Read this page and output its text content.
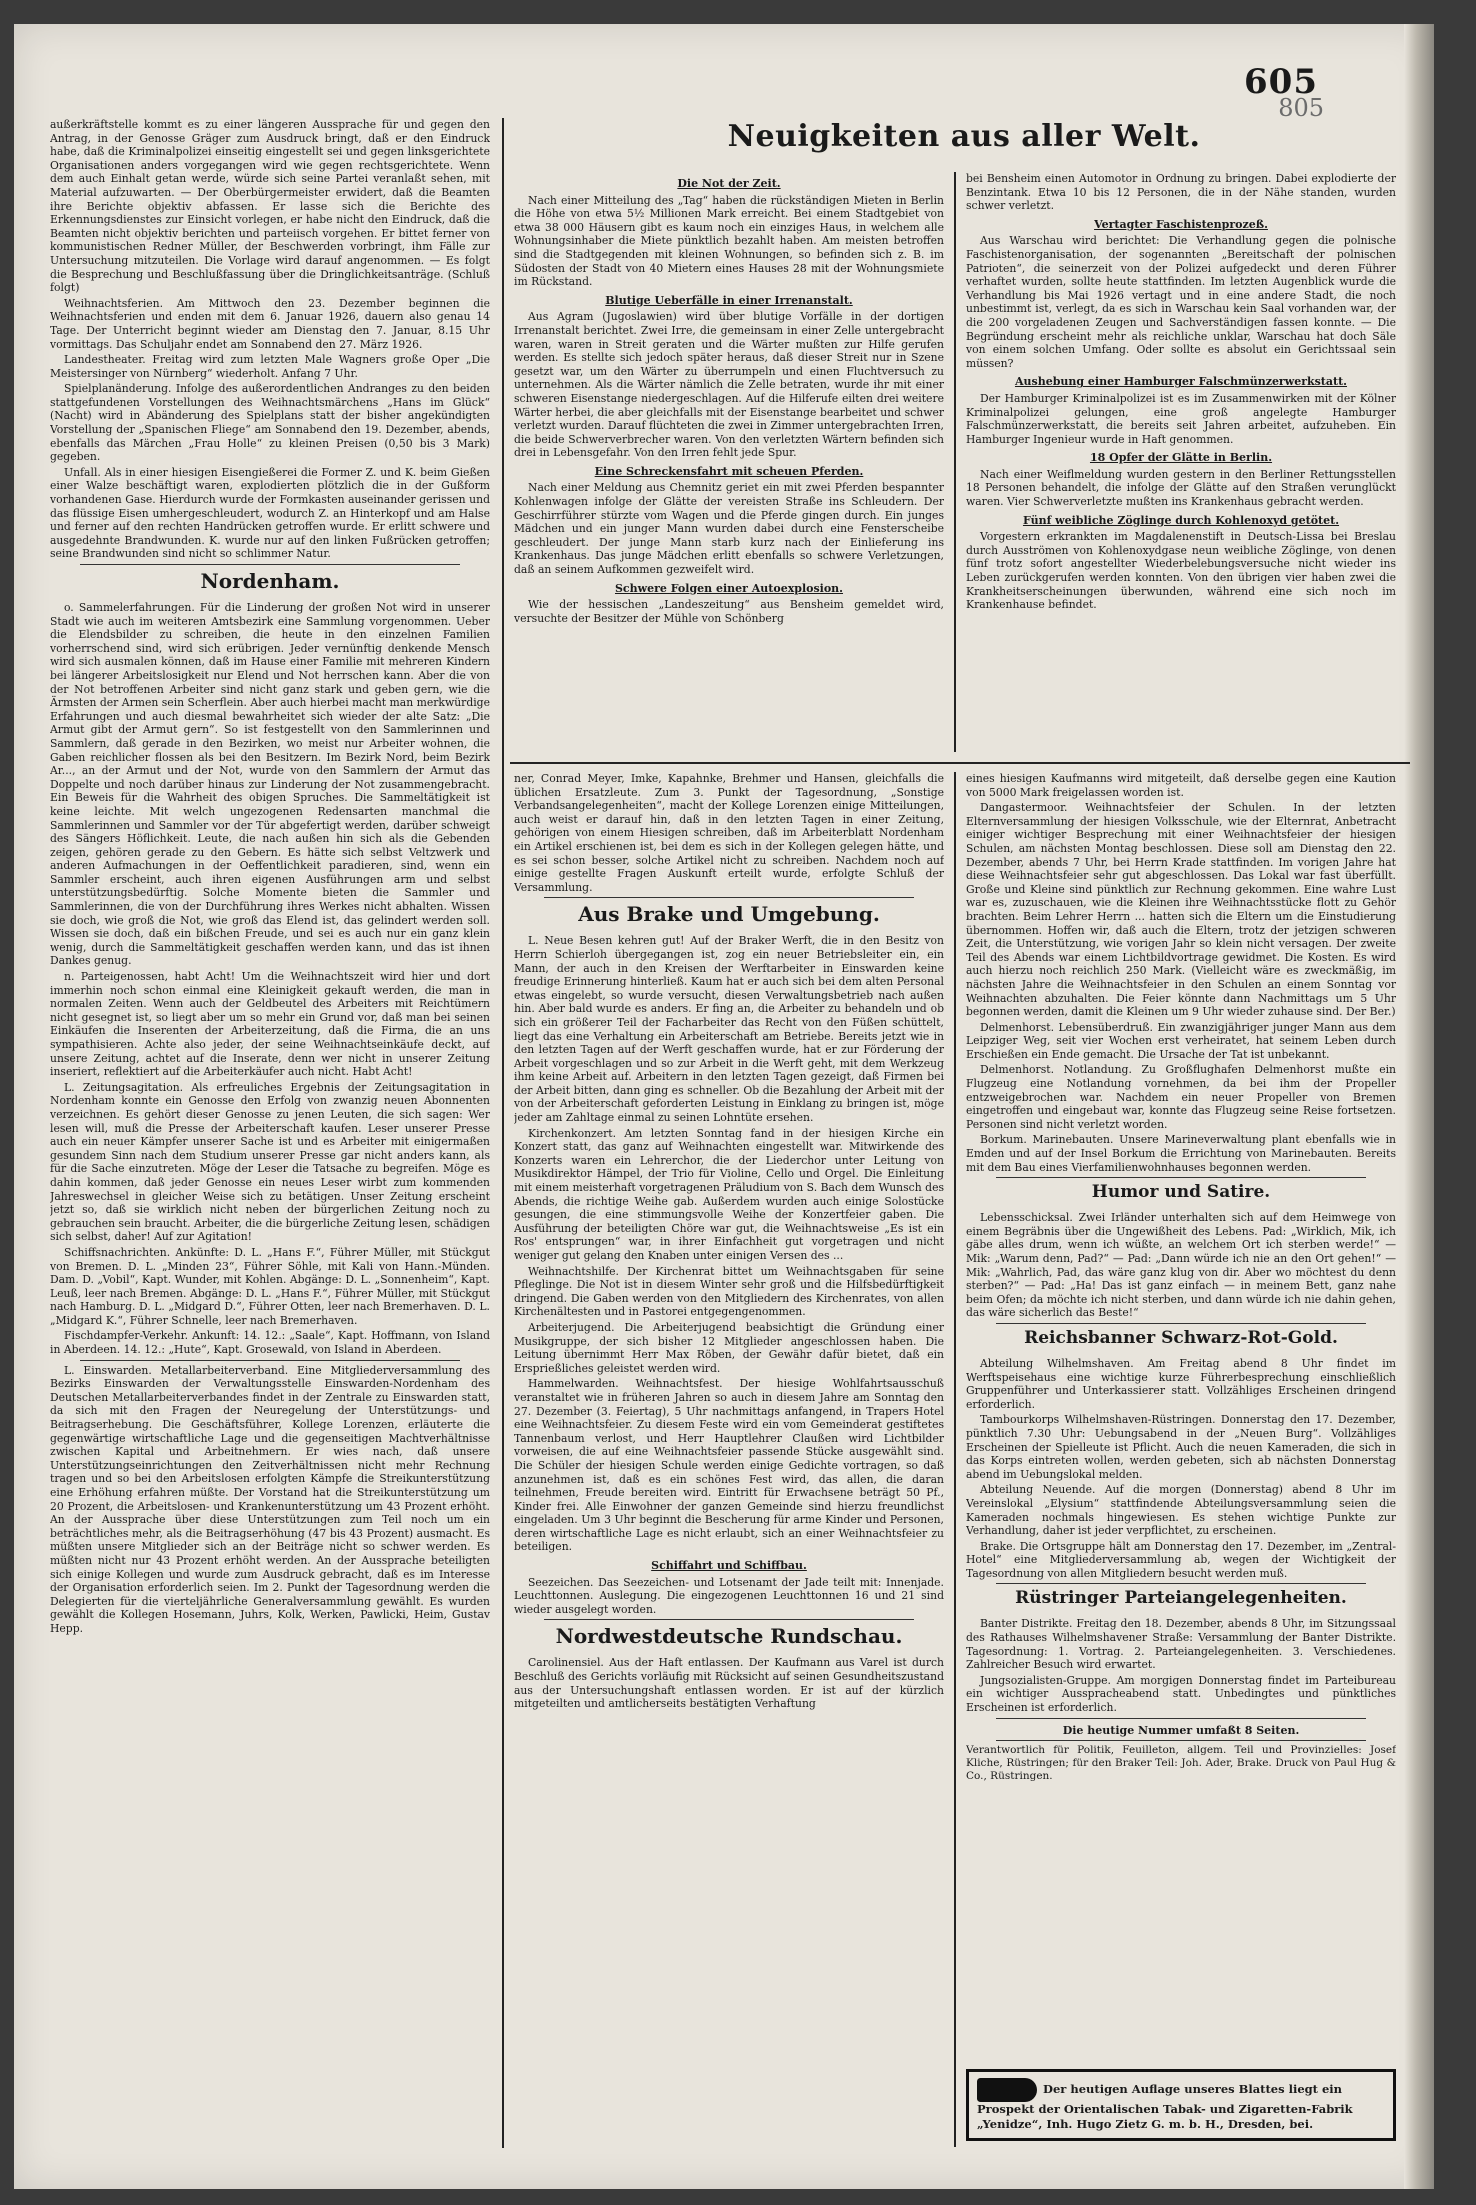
605
805

außerkräftstelle kommt es zu einer längeren Aussprache für und gegen den Antrag, in der Genosse Gräger zum Ausdruck bringt, daß er den Eindruck habe, daß die Kriminalpolizei einseitig eingestellt sei und gegen linksgerichtete Organisationen anders vorgegangen wird wie gegen rechtsgerichtete. Wenn dem auch Einhalt getan werde, würde sich seine Partei veranlaßt sehen, mit Material aufzuwarten. — Der Oberbürgermeister erwidert, daß die Beamten ihre Berichte objektiv abfassen. Er lasse sich die Berichte des Erkennungsdienstes zur Einsicht vorlegen, er habe nicht den Eindruck, daß die Beamten nicht objektiv berichten und parteiisch vorgehen. Er bittet ferner von kommunistischen Redner Müller, der Beschwerden vorbringt, ihm Fälle zur Untersuchung mitzuteilen. Die Vorlage wird darauf angenommen. — Es folgt die Besprechung und Beschlußfassung über die Dringlichkeitsanträge. (Schluß folgt)

Weihnachtsferien. Am Mittwoch den 23. Dezember beginnen die Weihnachtsferien und enden mit dem 6. Januar 1926, dauern also genau 14 Tage. Der Unterricht beginnt wieder am Dienstag den 7. Januar, 8.15 Uhr vormittags. Das Schuljahr endet am Sonnabend den 27. März 1926.

Landestheater. Freitag wird zum letzten Male Wagners große Oper „Die Meistersinger von Nürnberg“ wiederholt. Anfang 7 Uhr.

Spielplanänderung. Infolge des außerordentlichen Andranges zu den beiden stattgefundenen Vorstellungen des Weihnachtsmärchens „Hans im Glück“ (Nacht) wird in Abänderung des Spielplans statt der bisher angekündigten Vorstellung der „Spanischen Fliege“ am Sonnabend den 19. Dezember, abends, ebenfalls das Märchen „Frau Holle“ zu kleinen Preisen (0,50 bis 3 Mark) gegeben.

Unfall. Als in einer hiesigen Eisengießerei die Former Z. und K. beim Gießen einer Walze beschäftigt waren, explodierten plötzlich die in der Gußform vorhandenen Gase. Hierdurch wurde der Formkasten auseinander gerissen und das flüssige Eisen umhergeschleudert, wodurch Z. an Hinterkopf und am Halse und ferner auf den rechten Handrücken getroffen wurde. Er erlitt schwere und ausgedehnte Brandwunden. K. wurde nur auf den linken Fußrücken getroffen; seine Brandwunden sind nicht so schlimmer Natur.

Nordenham.

o. Sammelerfahrungen. Für die Linderung der großen Not wird in unserer Stadt wie auch im weiteren Amtsbezirk eine Sammlung vorgenommen. Ueber die Elendsbilder zu schreiben, die heute in den einzelnen Familien vorherrschend sind, wird sich erübrigen. Jeder vernünftig denkende Mensch wird sich ausmalen können, daß im Hause einer Familie mit mehreren Kindern bei längerer Arbeitslosigkeit nur Elend und Not herrschen kann. Aber die von der Not betroffenen Arbeiter sind nicht ganz stark und geben gern, wie die Ärmsten der Armen sein Scherflein. Aber auch hierbei macht man merkwürdige Erfahrungen und auch diesmal bewahrheitet sich wieder der alte Satz: „Die Armut gibt der Armut gern“. So ist festgestellt von den Sammlerinnen und Sammlern, daß gerade in den Bezirken, wo meist nur Arbeiter wohnen, die Gaben reichlicher flossen als bei den Besitzern. Im Bezirk Nord, beim Bezirk Ar..., an der Armut und der Not, wurde von den Sammlern der Armut das Doppelte und noch darüber hinaus zur Linderung der Not zusammengebracht. Ein Beweis für die Wahrheit des obigen Spruches. Die Sammeltätigkeit ist keine leichte. Mit welch ungezogenen Redensarten manchmal die Sammlerinnen und Sammler vor der Tür abgefertigt werden, darüber schweigt des Sängers Höflichkeit. Leute, die nach außen hin sich als die Gebenden zeigen, gehören gerade zu den Gebern. Es hätte sich selbst Veltzwerk und anderen Aufmachungen in der Oeffentlichkeit paradieren, sind, wenn ein Sammler erscheint, auch ihren eigenen Ausführungen arm und selbst unterstützungsbedürftig. Solche Momente bieten die Sammler und Sammlerinnen, die von der Durchführung ihres Werkes nicht abhalten. Wissen sie doch, wie groß die Not, wie groß das Elend ist, das gelindert werden soll. Wissen sie doch, daß ein bißchen Freude, und sei es auch nur ein ganz klein wenig, durch die Sammeltätigkeit geschaffen werden kann, und das ist ihnen Dankes genug.

n. Parteigenossen, habt Acht! Um die Weihnachtszeit wird hier und dort immerhin noch schon einmal eine Kleinigkeit gekauft werden, die man in normalen Zeiten. Wenn auch der Geldbeutel des Arbeiters mit Reichtümern nicht gesegnet ist, so liegt aber um so mehr ein Grund vor, daß man bei seinen Einkäufen die Inserenten der Arbeiterzeitung, daß die Firma, die an uns sympathisieren. Achte also jeder, der seine Weihnachtseinkäufe deckt, auf unsere Zeitung, achtet auf die Inserate, denn wer nicht in unserer Zeitung inseriert, reflektiert auf die Arbeiterkäufer auch nicht. Habt Acht!

L. Zeitungsagitation. Als erfreuliches Ergebnis der Zeitungsagitation in Nordenham konnte ein Genosse den Erfolg von zwanzig neuen Abonnenten verzeichnen. Es gehört dieser Genosse zu jenen Leuten, die sich sagen: Wer lesen will, muß die Presse der Arbeiterschaft kaufen. Leser unserer Presse auch ein neuer Kämpfer unserer Sache ist und es Arbeiter mit einigermaßen gesundem Sinn nach dem Studium unserer Presse gar nicht anders kann, als für die Sache einzutreten. Möge der Leser die Tatsache zu begreifen. Möge es dahin kommen, daß jeder Genosse ein neues Leser wirbt zum kommenden Jahreswechsel in gleicher Weise sich zu betätigen. Unser Zeitung erscheint jetzt so, daß sie wirklich nicht neben der bürgerlichen Zeitung noch zu gebrauchen sein braucht. Arbeiter, die die bürgerliche Zeitung lesen, schädigen sich selbst, daher! Auf zur Agitation!

Schiffsnachrichten. Ankünfte: D. L. „Hans F.“, Führer Müller, mit Stückgut von Bremen. D. L. „Minden 23“, Führer Söhle, mit Kali von Hann.-Münden. Dam. D. „Vobil“, Kapt. Wunder, mit Kohlen. Abgänge: D. L. „Sonnenheim“, Kapt. Leuß, leer nach Bremen. Abgänge: D. L. „Hans F.“, Führer Müller, mit Stückgut nach Hamburg. D. L. „Midgard D.“, Führer Otten, leer nach Bremerhaven. D. L. „Midgard K.“, Führer Schnelle, leer nach Bremerhaven.

Fischdampfer-Verkehr. Ankunft: 14. 12.: „Saale“, Kapt. Hoffmann, von Island in Aberdeen. 14. 12.: „Hute“, Kapt. Grosewald, von Island in Aberdeen.

L. Einswarden. Metallarbeiterverband. Eine Mitgliederversammlung des Bezirks Einswarden der Verwaltungsstelle Einswarden-Nordenham des Deutschen Metallarbeiterverbandes findet in der Zentrale zu Einswarden statt, da sich mit den Fragen der Neuregelung der Unterstützungs- und Beitragserhebung. Die Geschäftsführer, Kollege Lorenzen, erläuterte die gegenwärtige wirtschaftliche Lage und die gegenseitigen Machtverhältnisse zwischen Kapital und Arbeitnehmern. Er wies nach, daß unsere Unterstützungseinrichtungen den Zeitverhältnissen nicht mehr Rechnung tragen und so bei den Arbeitslosen erfolgten Kämpfe die Streikunterstützung eine Erhöhung erfahren müßte. Der Vorstand hat die Streikunterstützung um 20 Prozent, die Arbeitslosen- und Krankenunterstützung um 43 Prozent erhöht. An der Aussprache über diese Unterstützungen zum Teil noch um ein beträchtliches mehr, als die Beitragserhöhung (47 bis 43 Prozent) ausmacht. Es müßten unsere Mitglieder sich an der Beiträge nicht so schwer werden. Es müßten nicht nur 43 Prozent erhöht werden. An der Aussprache beteiligten sich einige Kollegen und wurde zum Ausdruck gebracht, daß es im Interesse der Organisation erforderlich seien. Im 2. Punkt der Tagesordnung werden die Delegierten für die vierteljährliche Generalversammlung gewählt. Es wurden gewählt die Kollegen Hosemann, Juhrs, Kolk, Werken, Pawlicki, Heim, Gustav Hepp.

Neuigkeiten aus aller Welt.
Die Not der Zeit.

Nach einer Mitteilung des „Tag“ haben die rückständigen Mieten in Berlin die Höhe von etwa 5½ Millionen Mark erreicht. Bei einem Stadtgebiet von etwa 38 000 Häusern gibt es kaum noch ein einziges Haus, in welchem alle Wohnungsinhaber die Miete pünktlich bezahlt haben. Am meisten betroffen sind die Stadtgegenden mit kleinen Wohnungen, so befinden sich z. B. im Südosten der Stadt von 40 Mietern eines Hauses 28 mit der Wohnungsmiete im Rückstand.

Blutige Ueberfälle in einer Irrenanstalt.

Aus Agram (Jugoslawien) wird über blutige Vorfälle in der dortigen Irrenanstalt berichtet. Zwei Irre, die gemeinsam in einer Zelle untergebracht waren, waren in Streit geraten und die Wärter mußten zur Hilfe gerufen werden. Es stellte sich jedoch später heraus, daß dieser Streit nur in Szene gesetzt war, um den Wärter zu überrumpeln und einen Fluchtversuch zu unternehmen. Als die Wärter nämlich die Zelle betraten, wurde ihr mit einer schweren Eisenstange niedergeschlagen. Auf die Hilferufe eilten drei weitere Wärter herbei, die aber gleichfalls mit der Eisenstange bearbeitet und schwer verletzt wurden. Darauf flüchteten die zwei in Zimmer untergebrachten Irren, die beide Schwerverbrecher waren. Von den verletzten Wärtern befinden sich drei in Lebensgefahr. Von den Irren fehlt jede Spur.

Eine Schreckensfahrt mit scheuen Pferden.

Nach einer Meldung aus Chemnitz geriet ein mit zwei Pferden bespannter Kohlenwagen infolge der Glätte der vereisten Straße ins Schleudern. Der Geschirrführer stürzte vom Wagen und die Pferde gingen durch. Ein junges Mädchen und ein junger Mann wurden dabei durch eine Fensterscheibe geschleudert. Der junge Mann starb kurz nach der Einlieferung ins Krankenhaus. Das junge Mädchen erlitt ebenfalls so schwere Verletzungen, daß an seinem Aufkommen gezweifelt wird.

Schwere Folgen einer Autoexplosion.

Wie der hessischen „Landeszeitung“ aus Bensheim gemeldet wird, versuchte der Besitzer der Mühle von Schönberg

bei Bensheim einen Automotor in Ordnung zu bringen. Dabei explodierte der Benzintank. Etwa 10 bis 12 Personen, die in der Nähe standen, wurden schwer verletzt.

Vertagter Faschistenprozeß.

Aus Warschau wird berichtet: Die Verhandlung gegen die polnische Faschistenorganisation, der sogenannten „Bereitschaft der polnischen Patrioten“, die seinerzeit von der Polizei aufgedeckt und deren Führer verhaftet wurden, sollte heute stattfinden. Im letzten Augenblick wurde die Verhandlung bis Mai 1926 vertagt und in eine andere Stadt, die noch unbestimmt ist, verlegt, da es sich in Warschau kein Saal vorhanden war, der die 200 vorgeladenen Zeugen und Sachverständigen fassen konnte. — Die Begründung erscheint mehr als reichliche unklar, Warschau hat doch Säle von einem solchen Umfang. Oder sollte es absolut ein Gerichtssaal sein müssen?

Aushebung einer Hamburger Falschmünzerwerkstatt.

Der Hamburger Kriminalpolizei ist es im Zusammenwirken mit der Kölner Kriminalpolizei gelungen, eine groß angelegte Hamburger Falschmünzerwerkstatt, die bereits seit Jahren arbeitet, aufzuheben. Ein Hamburger Ingenieur wurde in Haft genommen.

18 Opfer der Glätte in Berlin.

Nach einer Weiflmeldung wurden gestern in den Berliner Rettungsstellen 18 Personen behandelt, die infolge der Glätte auf den Straßen verunglückt waren. Vier Schwerverletzte mußten ins Krankenhaus gebracht werden.

Fünf weibliche Zöglinge durch Kohlenoxyd getötet.

Vorgestern erkrankten im Magdalenenstift in Deutsch-Lissa bei Breslau durch Ausströmen von Kohlenoxydgase neun weibliche Zöglinge, von denen fünf trotz sofort angestellter Wiederbelebungsversuche nicht wieder ins Leben zurückgerufen werden konnten. Von den übrigen vier haben zwei die Krankheitserscheinungen überwunden, während eine sich noch im Krankenhause befindet.

ner, Conrad Meyer, Imke, Kapahnke, Brehmer und Hansen, gleichfalls die üblichen Ersatzleute. Zum 3. Punkt der Tagesordnung, „Sonstige Verbandsangelegenheiten“, macht der Kollege Lorenzen einige Mitteilungen, auch weist er darauf hin, daß in den letzten Tagen in einer Zeitung, gehörigen von einem Hiesigen schreiben, daß im Arbeiterblatt Nordenham ein Artikel erschienen ist, bei dem es sich in der Kollegen gelegen hätte, und es sei schon besser, solche Artikel nicht zu schreiben. Nachdem noch auf einige gestellte Fragen Auskunft erteilt wurde, erfolgte Schluß der Versammlung.

Aus Brake und Umgebung.

L. Neue Besen kehren gut! Auf der Braker Werft, die in den Besitz von Herrn Schierloh übergegangen ist, zog ein neuer Betriebsleiter ein, ein Mann, der auch in den Kreisen der Werftarbeiter in Einswarden keine freudige Erinnerung hinterließ. Kaum hat er auch sich bei dem alten Personal etwas eingelebt, so wurde versucht, diesen Verwaltungsbetrieb nach außen hin. Aber bald wurde es anders. Er fing an, die Arbeiter zu behandeln und ob sich ein größerer Teil der Facharbeiter das Recht von den Füßen schüttelt, liegt das eine Verhaltung ein Arbeiterschaft am Betriebe. Bereits jetzt wie in den letzten Tagen auf der Werft geschaffen wurde, hat er zur Förderung der Arbeit vorgeschlagen und so zur Arbeit in die Werft geht, mit dem Werkzeug ihm keine Arbeit auf. Arbeitern in den letzten Tagen gezeigt, daß Firmen bei der Arbeit bitten, dann ging es schneller. Ob die Bezahlung der Arbeit mit der von der Arbeiterschaft geforderten Leistung in Einklang zu bringen ist, möge jeder am Zahltage einmal zu seinen Lohntüte ersehen.

Kirchenkonzert. Am letzten Sonntag fand in der hiesigen Kirche ein Konzert statt, das ganz auf Weihnachten eingestellt war. Mitwirkende des Konzerts waren ein Lehrerchor, die der Liederchor unter Leitung von Musikdirektor Hämpel, der Trio für Violine, Cello und Orgel. Die Einleitung mit einem meisterhaft vorgetragenen Präludium von S. Bach dem Wunsch des Abends, die richtige Weihe gab. Außerdem wurden auch einige Solostücke gesungen, die eine stimmungsvolle Weihe der Konzertfeier gaben. Die Ausführung der beteiligten Chöre war gut, die Weihnachtsweise „Es ist ein Ros' entsprungen“ war, in ihrer Einfachheit gut vorgetragen und nicht weniger gut gelang den Knaben unter einigen Versen des ...

Weihnachtshilfe. Der Kirchenrat bittet um Weihnachtsgaben für seine Pfleglinge. Die Not ist in diesem Winter sehr groß und die Hilfsbedürftigkeit dringend. Die Gaben werden von den Mitgliedern des Kirchenrates, von allen Kirchenältesten und in Pastorei entgegengenommen.

Arbeiterjugend. Die Arbeiterjugend beabsichtigt die Gründung einer Musikgruppe, der sich bisher 12 Mitglieder angeschlossen haben. Die Leitung übernimmt Herr Max Röben, der Gewähr dafür bietet, daß ein Ersprießliches geleistet werden wird.

Hammelwarden. Weihnachtsfest. Der hiesige Wohlfahrtsausschuß veranstaltet wie in früheren Jahren so auch in diesem Jahre am Sonntag den 27. Dezember (3. Feiertag), 5 Uhr nachmittags anfangend, in Trapers Hotel eine Weihnachtsfeier. Zu diesem Feste wird ein vom Gemeinderat gestiftetes Tannenbaum verlost, und Herr Hauptlehrer Claußen wird Lichtbilder vorweisen, die auf eine Weihnachtsfeier passende Stücke ausgewählt sind. Die Schüler der hiesigen Schule werden einige Gedichte vortragen, so daß anzunehmen ist, daß es ein schönes Fest wird, das allen, die daran teilnehmen, Freude bereiten wird. Eintritt für Erwachsene beträgt 50 Pf., Kinder frei. Alle Einwohner der ganzen Gemeinde sind hierzu freundlichst eingeladen. Um 3 Uhr beginnt die Bescherung für arme Kinder und Personen, deren wirtschaftliche Lage es nicht erlaubt, sich an einer Weihnachtsfeier zu beteiligen.

Schiffahrt und Schiffbau.

Seezeichen. Das Seezeichen- und Lotsenamt der Jade teilt mit: Innenjade. Leuchttonnen. Auslegung. Die eingezogenen Leuchttonnen 16 und 21 sind wieder ausgelegt worden.

Nordwestdeutsche Rundschau.

Carolinensiel. Aus der Haft entlassen. Der Kaufmann aus Varel ist durch Beschluß des Gerichts vorläufig mit Rücksicht auf seinen Gesundheitszustand aus der Untersuchungshaft entlassen worden. Er ist auf der kürzlich mitgeteilten und amtlicherseits bestätigten Verhaftung

eines hiesigen Kaufmanns wird mitgeteilt, daß derselbe gegen eine Kaution von 5000 Mark freigelassen worden ist.

Dangastermoor. Weihnachtsfeier der Schulen. In der letzten Elternversammlung der hiesigen Volksschule, wie der Elternrat, Anbetracht einiger wichtiger Besprechung mit einer Weihnachtsfeier der hiesigen Schulen, am nächsten Montag beschlossen. Diese soll am Dienstag den 22. Dezember, abends 7 Uhr, bei Herrn Krade stattfinden. Im vorigen Jahre hat diese Weihnachtsfeier sehr gut abgeschlossen. Das Lokal war fast überfüllt. Große und Kleine sind pünktlich zur Rechnung gekommen. Eine wahre Lust war es, zuzuschauen, wie die Kleinen ihre Weihnachtsstücke flott zu Gehör brachten. Beim Lehrer Herrn ... hatten sich die Eltern um die Einstudierung übernommen. Hoffen wir, daß auch die Eltern, trotz der jetzigen schweren Zeit, die Unterstützung, wie vorigen Jahr so klein nicht versagen. Der zweite Teil des Abends war einem Lichtbildvortrage gewidmet. Die Kosten. Es wird auch hierzu noch reichlich 250 Mark. (Vielleicht wäre es zweckmäßig, im nächsten Jahre die Weihnachtsfeier in den Schulen an einem Sonntag vor Weihnachten abzuhalten. Die Feier könnte dann Nachmittags um 5 Uhr begonnen werden, damit die Kleinen um 9 Uhr wieder zuhause sind. Der Ber.)

Delmenhorst. Lebensüberdruß. Ein zwanzigjähriger junger Mann aus dem Leipziger Weg, seit vier Wochen erst verheiratet, hat seinem Leben durch Erschießen ein Ende gemacht. Die Ursache der Tat ist unbekannt.

Delmenhorst. Notlandung. Zu Großflughafen Delmenhorst mußte ein Flugzeug eine Notlandung vornehmen, da bei ihm der Propeller entzweigebrochen war. Nachdem ein neuer Propeller von Bremen eingetroffen und eingebaut war, konnte das Flugzeug seine Reise fortsetzen. Personen sind nicht verletzt worden.

Borkum. Marinebauten. Unsere Marineverwaltung plant ebenfalls wie in Emden und auf der Insel Borkum die Errichtung von Marinebauten. Bereits mit dem Bau eines Vierfamilienwohnhauses begonnen werden.

Humor und Satire.

Lebensschicksal. Zwei Irländer unterhalten sich auf dem Heimwege von einem Begräbnis über die Ungewißheit des Lebens. Pad: „Wirklich, Mik, ich gäbe alles drum, wenn ich wüßte, an welchem Ort ich sterben werde!“ — Mik: „Warum denn, Pad?“ — Pad: „Dann würde ich nie an den Ort gehen!“ — Mik: „Wahrlich, Pad, das wäre ganz klug von dir. Aber wo möchtest du denn sterben?“ — Pad: „Ha! Das ist ganz einfach — in meinem Bett, ganz nahe beim Ofen; da möchte ich nicht sterben, und dann würde ich nie dahin gehen, das wäre sicherlich das Beste!“

Reichsbanner Schwarz-Rot-Gold.

Abteilung Wilhelmshaven. Am Freitag abend 8 Uhr findet im Werftspeisehaus eine wichtige kurze Führerbesprechung einschließlich Gruppenführer und Unterkassierer statt. Vollzähliges Erscheinen dringend erforderlich.

Tambourkorps Wilhelmshaven-Rüstringen. Donnerstag den 17. Dezember, pünktlich 7.30 Uhr: Uebungsabend in der „Neuen Burg“. Vollzähliges Erscheinen der Spielleute ist Pflicht. Auch die neuen Kameraden, die sich in das Korps eintreten wollen, werden gebeten, sich ab nächsten Donnerstag abend im Uebungslokal melden.

Abteilung Neuende. Auf die morgen (Donnerstag) abend 8 Uhr im Vereinslokal „Elysium“ stattfindende Abteilungsversammlung seien die Kameraden nochmals hingewiesen. Es stehen wichtige Punkte zur Verhandlung, daher ist jeder verpflichtet, zu erscheinen.

Brake. Die Ortsgruppe hält am Donnerstag den 17. Dezember, im „Zentral-Hotel“ eine Mitgliederversammlung ab, wegen der Wichtigkeit der Tagesordnung von allen Mitgliedern besucht werden muß.

Rüstringer Parteiangelegenheiten.

Banter Distrikte. Freitag den 18. Dezember, abends 8 Uhr, im Sitzungssaal des Rathauses Wilhelmshavener Straße: Versammlung der Banter Distrikte. Tagesordnung: 1. Vortrag. 2. Parteiangelegenheiten. 3. Verschiedenes. Zahlreicher Besuch wird erwartet.

Jungsozialisten-Gruppe. Am morgigen Donnerstag findet im Parteibureau ein wichtiger Ausspracheabend statt. Unbedingtes und pünktliches Erscheinen ist erforderlich.

Die heutige Nummer umfaßt 8 Seiten.

Verantwortlich für Politik, Feuilleton, allgem. Teil und Provinzielles: Josef Kliche, Rüstringen; für den Braker Teil: Joh. Ader, Brake. Druck von Paul Hug & Co., Rüstringen.

Der heutigen Auflage unseres Blattes liegt ein Prospekt der Orientalischen Tabak- und Zigaretten-Fabrik „Yenidze“, Inh. Hugo Zietz G. m. b. H., Dresden, bei.
